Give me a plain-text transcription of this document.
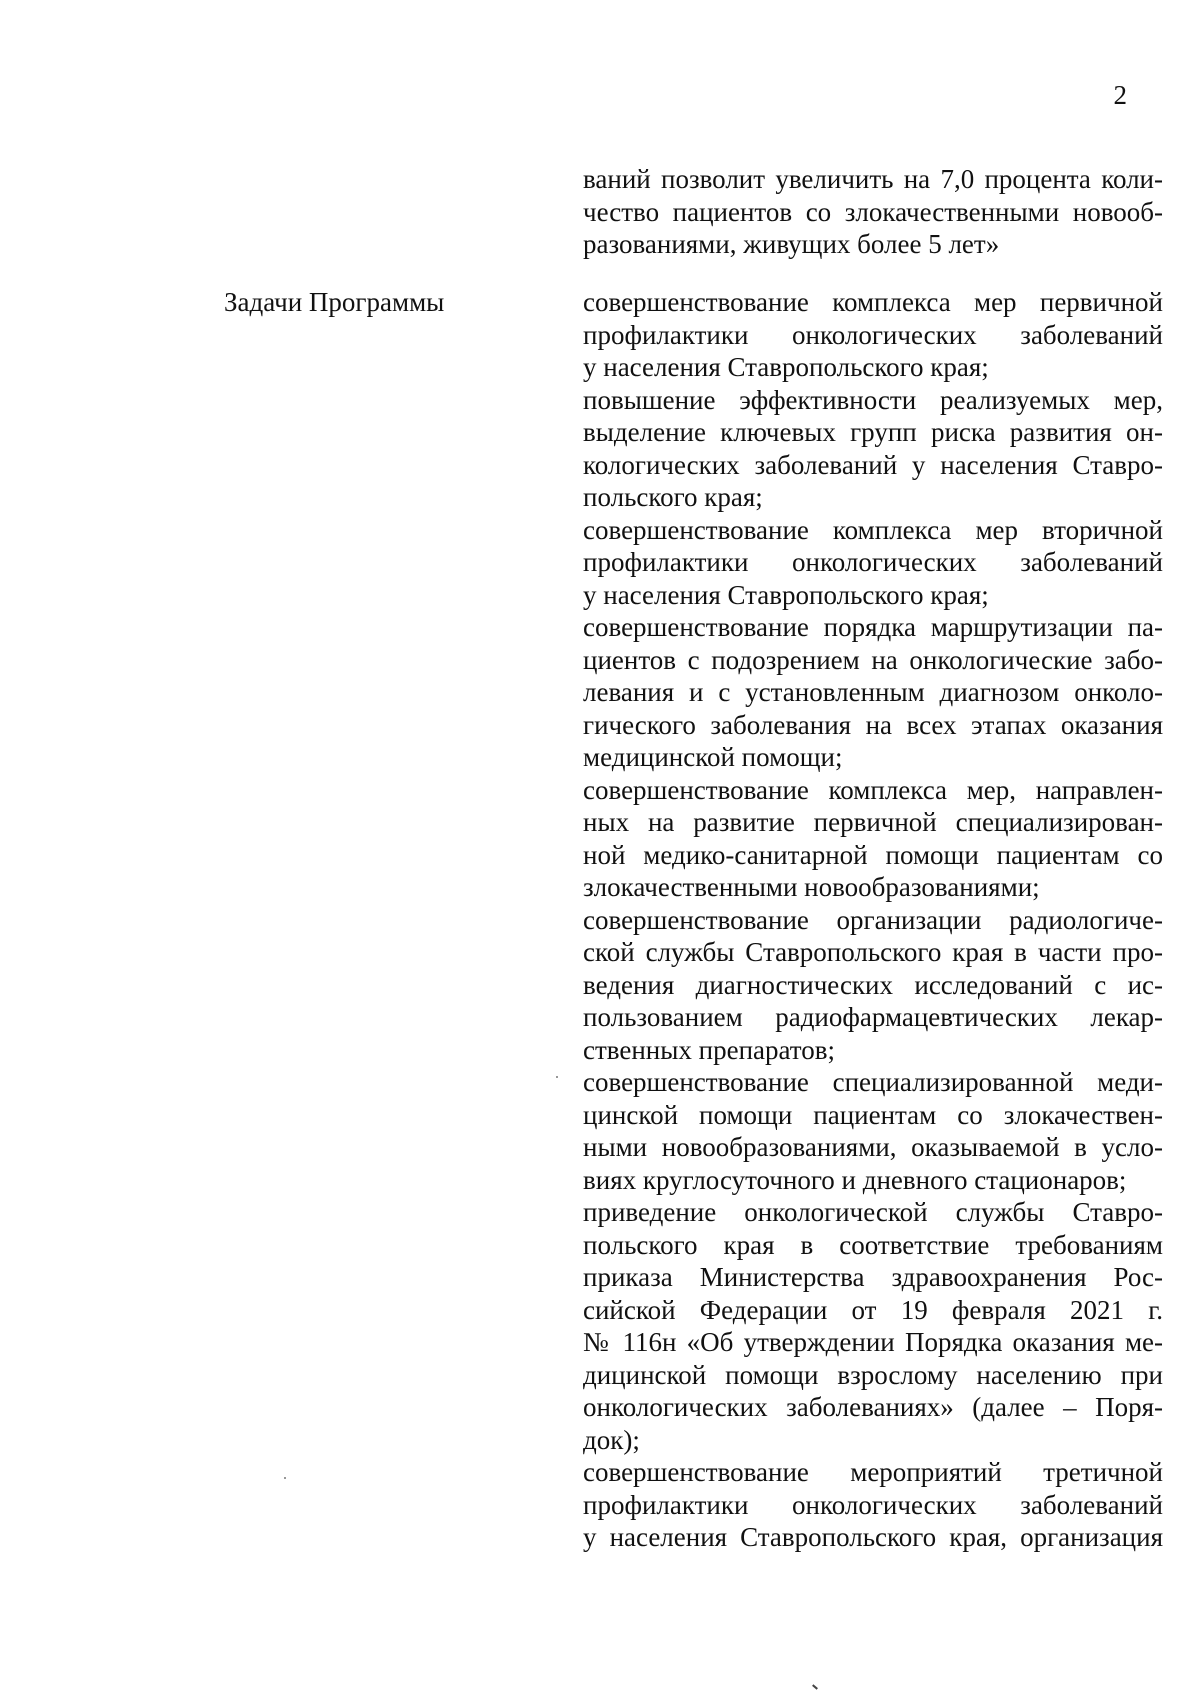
2
ваний позволит увеличить на 7,0 процента коли-
чество пациентов со злокачественными новооб-
разованиями, живущих более 5 лет»
Задачи Программы	совершенствование комплекса мер первичной
профилактики онкологических заболеваний
у населения Ставропольского края;
повышение эффективности реализуемых мер,
выделение ключевых групп риска развития он-
кологических заболеваний у населения Ставро-
польского края;
совершенствование комплекса мер вторичной
профилактики онкологических заболеваний
у населения Ставропольского края;
совершенствование порядка маршрутизации па-
циентов с подозрением на онкологические забо-
левания и с установленным диагнозом онколо-
гического заболевания на всех этапах оказания
медицинской помощи;
совершенствование комплекса мер, направлен-
ных на развитие первичной специализирован-
ной медико-санитарной помощи пациентам со
злокачественными новообразованиями;
совершенствование организации радиологиче-
ской службы Ставропольского края в части про-
ведения диагностических исследований с ис-
пользованием радиофармацевтических лекар-
ственных препаратов;
совершенствование специализированной меди-
цинской помощи пациентам со злокачествен-
ными новообразованиями, оказываемой в усло-
виях круглосуточного и дневного стационаров;
приведение онкологической службы Ставро-
польского края в соответствие требованиям
приказа Министерства здравоохранения Рос-
сийской Федерации от 19 февраля 2021 г.
№ 116н «Об утверждении Порядка оказания ме-
дицинской помощи взрослому населению при
онкологических заболеваниях» (далее – Поря-
док);
совершенствование мероприятий третичной
профилактики онкологических заболеваний
у населения Ставропольского края, организация
